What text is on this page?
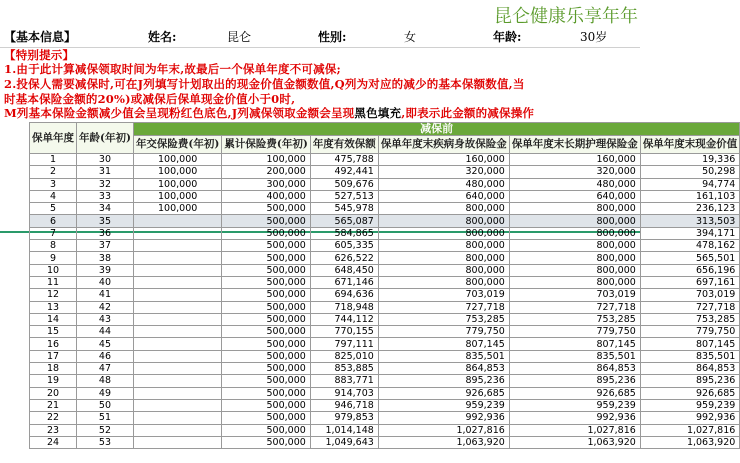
昆仑健康乐享年年
【基本信息】	姓名:	昆仑	性别:	女	年龄:	30岁
【特别提示】
1.由于此计算减保领取时间为年末,故最后一个保单年度不可减保;
2.投保人需要减保时,可在J列填写计划取出的现金价值金额数值,Q列为对应的减少的基本保额数值,当
时基本保险金额的20%)或减保后保单现金价值小于0时,
M列基本保险金额减少值会呈现粉红色底色,J列减保领取金额会呈现黑色填充,即表示此金额的减保操作
保单年度	年龄(年初)	减保前					
		年交保险费(年初)	累计保险费(年初)	年度有效保额	保单年度末疾病身故保险金	保单年度末长期护理保险金	保单年度末现金价值
1	30	100,000	100,000	475,788	160,000	160,000	19,336
2	31	100,000	200,000	492,441	320,000	320,000	50,298
3	32	100,000	300,000	509,676	480,000	480,000	94,774
4	33	100,000	400,000	527,513	640,000	640,000	161,103
5	34	100,000	500,000	545,978	800,000	800,000	236,123
6	35		500,000	565,087	800,000	800,000	313,503
7	36		500,000	584,865	800,000	800,000	394,171
8	37		500,000	605,335	800,000	800,000	478,162
9	38		500,000	626,522	800,000	800,000	565,501
10	39		500,000	648,450	800,000	800,000	656,196
11	40		500,000	671,146	800,000	800,000	697,161
12	41		500,000	694,636	703,019	703,019	703,019
13	42		500,000	718,948	727,718	727,718	727,718
14	43		500,000	744,112	753,285	753,285	753,285
15	44		500,000	770,155	779,750	779,750	779,750
16	45		500,000	797,111	807,145	807,145	807,145
17	46		500,000	825,010	835,501	835,501	835,501
18	47		500,000	853,885	864,853	864,853	864,853
19	48		500,000	883,771	895,236	895,236	895,236
20	49		500,000	914,703	926,685	926,685	926,685
21	50		500,000	946,718	959,239	959,239	959,239
22	51		500,000	979,853	992,936	992,936	992,936
23	52		500,000	1,014,148	1,027,816	1,027,816	1,027,816
24	53		500,000	1,049,643	1,063,920	1,063,920	1,063,920
